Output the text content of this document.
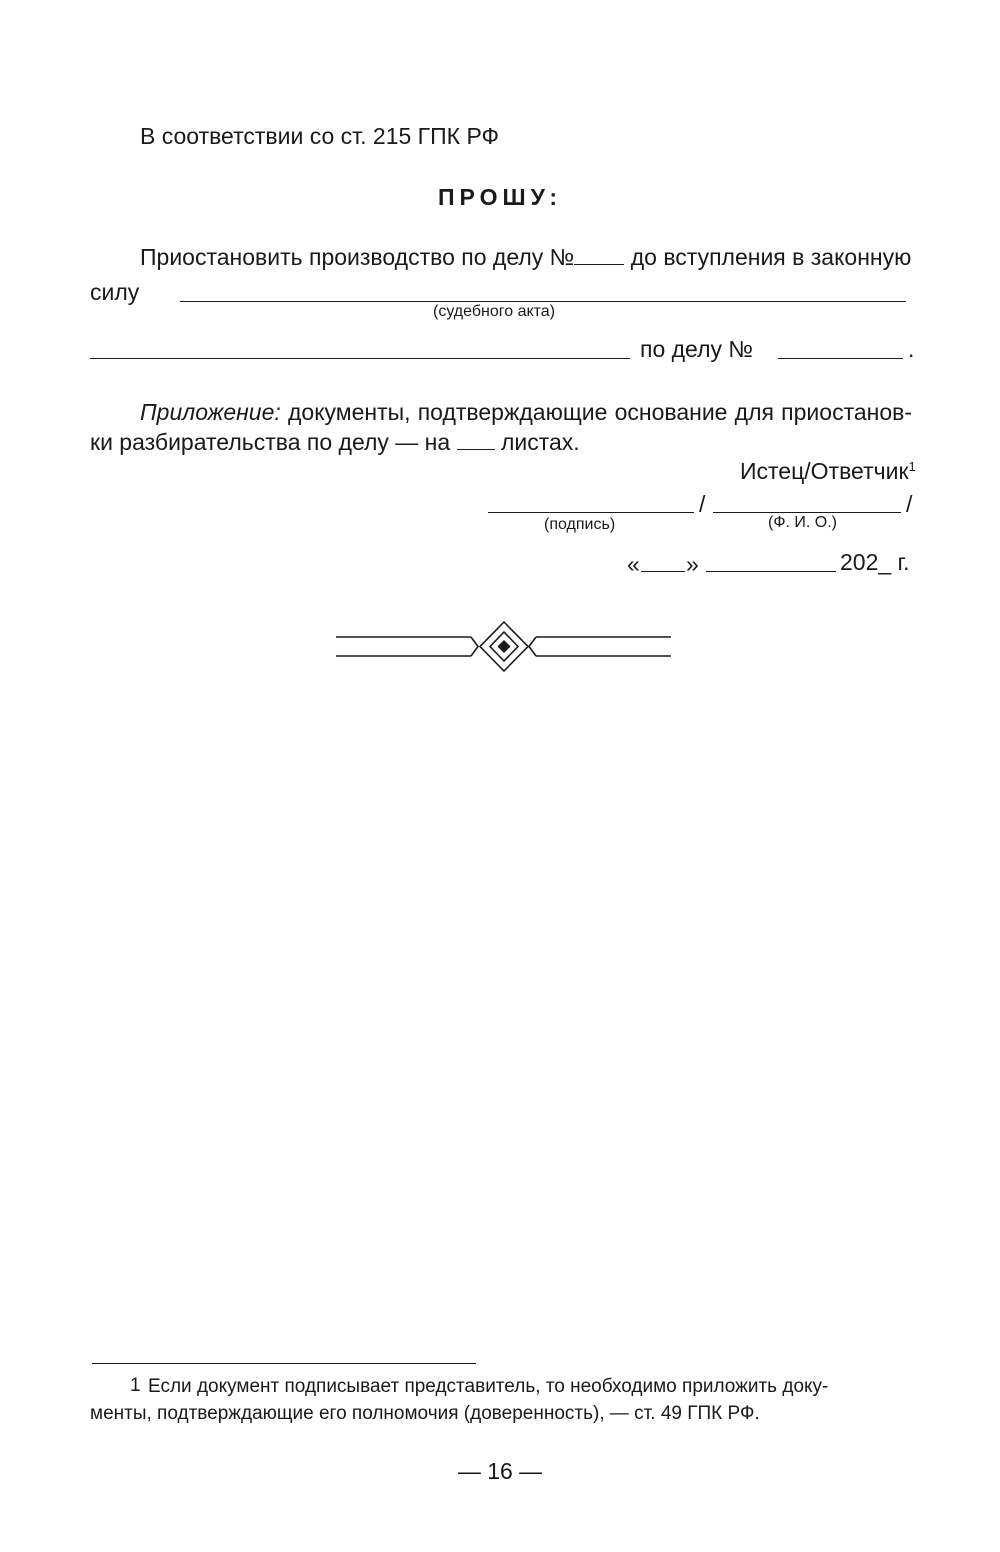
В соответствии со ст. 215 ГПК РФ
ПРОШУ:
Приостановить производство по делу № до вступления в законную
силу
(судебного акта)
по делу №	.
Приложение: документы, подтверждающие основание для приостанов-
ки разбирательства по делу — на листах.
Истец/Ответчик$^1$
/	/
(подпись)	(Ф. И. О.)
« »	202_ г.
1 Если документ подписывает представитель, то необходимо приложить доку-
менты, подтверждающие его полномочия (доверенность), — ст. 49 ГПК РФ.
— 16 —
